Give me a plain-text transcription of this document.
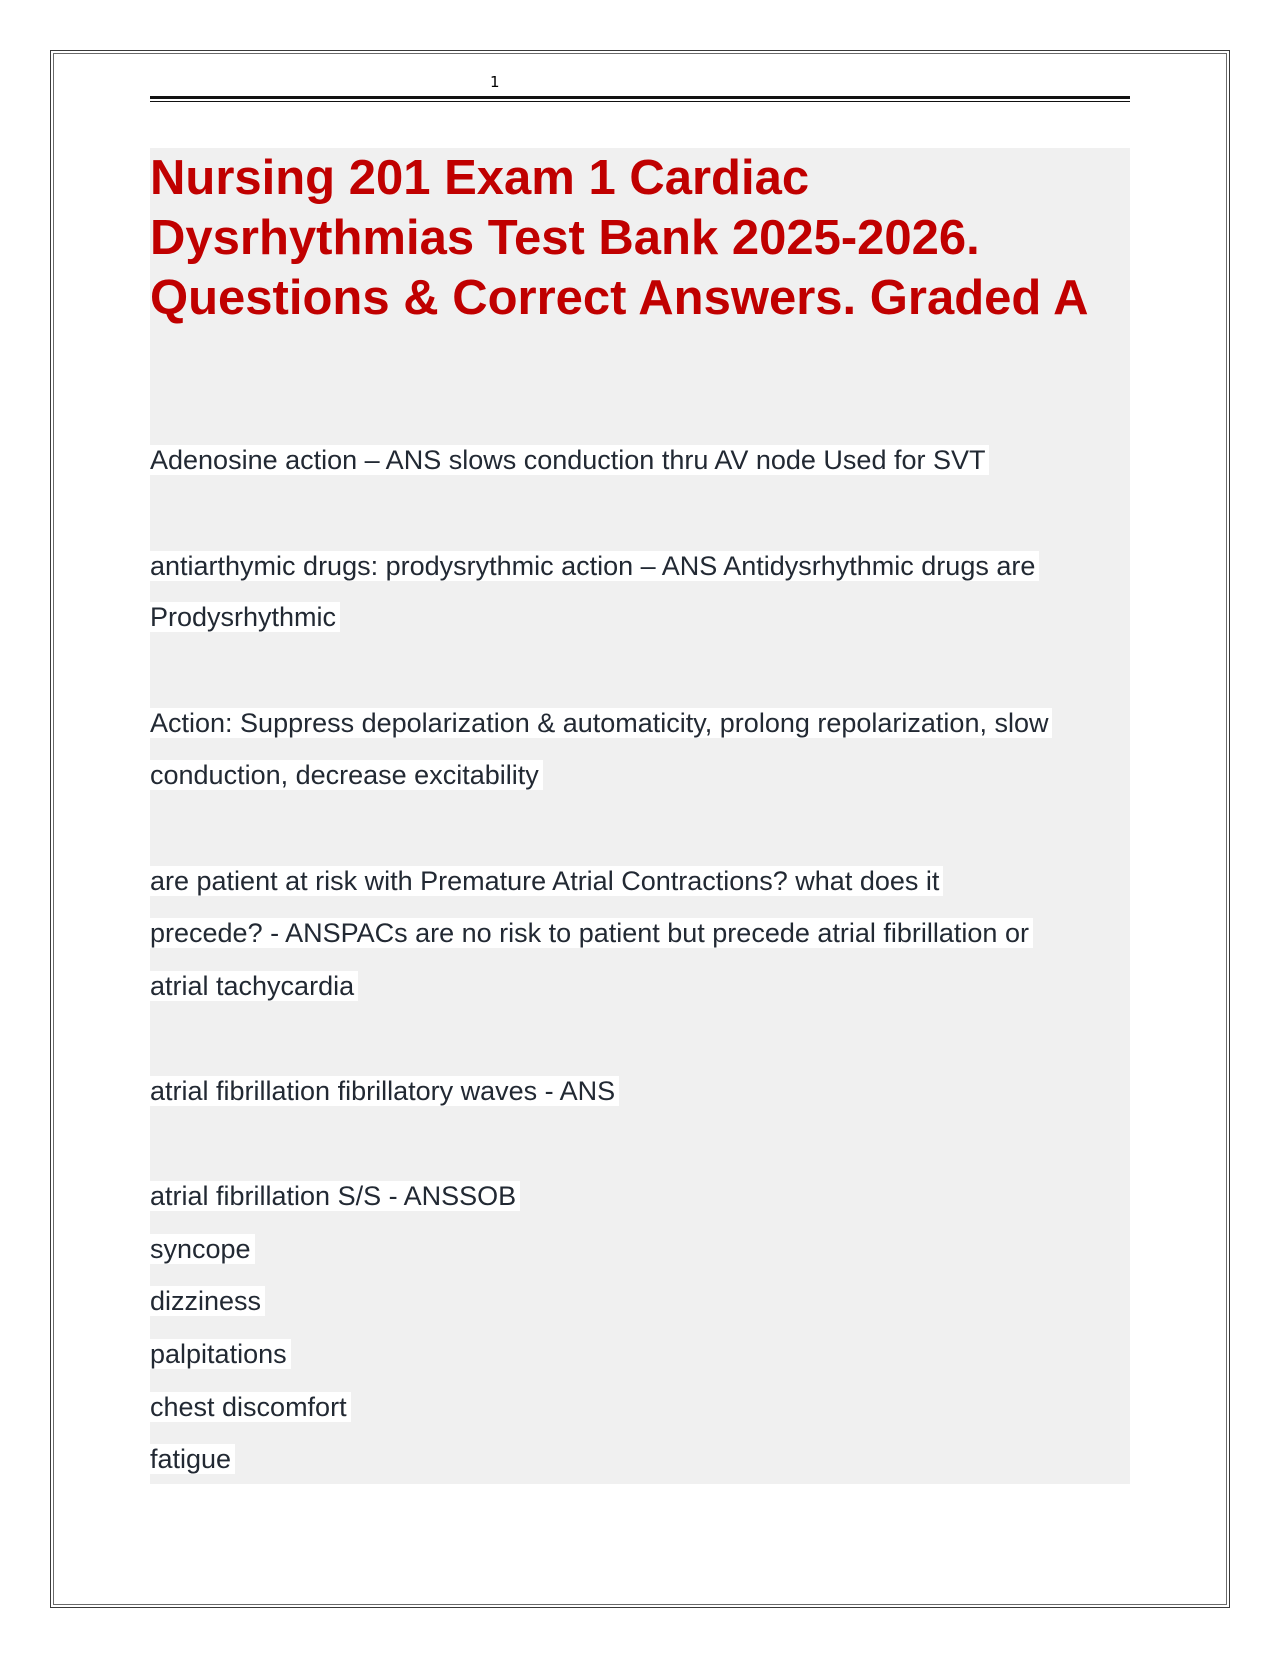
1
Nursing 201 Exam 1 Cardiac
Dysrhythmias Test Bank 2025-2026.
Questions & Correct Answers. Graded A
Adenosine action – ANS slows conduction thru AV node Used for SVT
antiarthymic drugs: prodysrythmic action – ANS Antidysrhythmic drugs are
Prodysrhythmic
Action: Suppress depolarization & automaticity, prolong repolarization, slow
conduction, decrease excitability
are patient at risk with Premature Atrial Contractions? what does it
precede? - ANSPACs are no risk to patient but precede atrial fibrillation or
atrial tachycardia
atrial fibrillation fibrillatory waves - ANS
atrial fibrillation S/S - ANSSOB
syncope
dizziness
palpitations
chest discomfort
fatigue
